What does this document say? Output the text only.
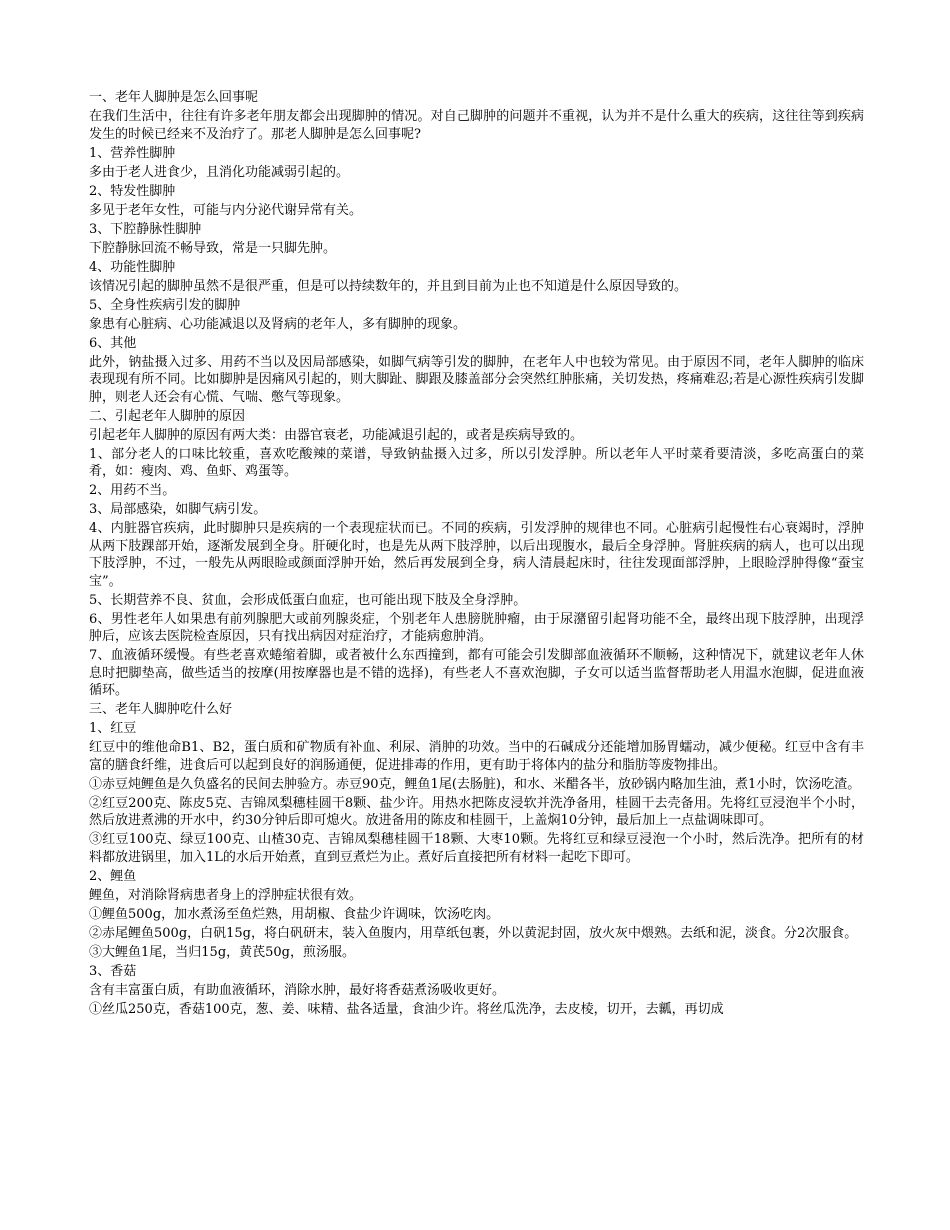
一、老年人脚肿是怎么回事呢

在我们生活中，往往有许多老年朋友都会出现脚肿的情况。对自己脚肿的问题并不重视，认为并不是什么重大的疾病，这往往等到疾病发生的时候已经来不及治疗了。那老人脚肿是怎么回事呢?

1、营养性脚肿

多由于老人进食少，且消化功能减弱引起的。

2、特发性脚肿

多见于老年女性，可能与内分泌代谢异常有关。

3、下腔静脉性脚肿

下腔静脉回流不畅导致，常是一只脚先肿。

4、功能性脚肿

该情况引起的脚肿虽然不是很严重，但是可以持续数年的，并且到目前为止也不知道是什么原因导致的。

5、全身性疾病引发的脚肿

象患有心脏病、心功能减退以及肾病的老年人，多有脚肿的现象。

6、其他

此外，钠盐摄入过多、用药不当以及因局部感染，如脚气病等引发的脚肿，在老年人中也较为常见。由于原因不同，老年人脚肿的临床表现现有所不同。比如脚肿是因痛风引起的，则大脚趾、脚跟及膝盖部分会突然红肿胀痛，关切发热，疼痛难忍;若是心源性疾病引发脚肿，则老人还会有心慌、气喘、憋气等现象。

二、引起老年人脚肿的原因

引起老年人脚肿的原因有两大类：由器官衰老，功能减退引起的，或者是疾病导致的。

1、部分老人的口味比较重，喜欢吃酸辣的菜谱，导致钠盐摄入过多，所以引发浮肿。所以老年人平时菜肴要清淡，多吃高蛋白的菜肴，如：瘦肉、鸡、鱼虾、鸡蛋等。

2、用药不当。

3、局部感染，如脚气病引发。

4、内脏器官疾病，此时脚肿只是疾病的一个表现症状而已。不同的疾病，引发浮肿的规律也不同。心脏病引起慢性右心衰竭时，浮肿从两下肢踝部开始，逐渐发展到全身。肝硬化时，也是先从两下肢浮肿，以后出现腹水，最后全身浮肿。肾脏疾病的病人，也可以出现下肢浮肿，不过，一般先从两眼睑或颜面浮肿开始，然后再发展到全身，病人清晨起床时，往往发现面部浮肿，上眼睑浮肿得像“蚕宝宝”。

5、长期营养不良、贫血，会形成低蛋白血症，也可能出现下肢及全身浮肿。

6、男性老年人如果患有前列腺肥大或前列腺炎症，个别老年人患膀胱肿瘤，由于尿潴留引起肾功能不全，最终出现下肢浮肿，出现浮肿后，应该去医院检查原因，只有找出病因对症治疗，才能病愈肿消。

7、血液循环缓慢。有些老喜欢蜷缩着脚，或者被什么东西撞到，都有可能会引发脚部血液循环不顺畅，这种情况下，就建议老年人休息时把脚垫高，做些适当的按摩(用按摩器也是不错的选择)，有些老人不喜欢泡脚，子女可以适当监督帮助老人用温水泡脚，促进血液循环。

三、老年人脚肿吃什么好

1、红豆

红豆中的维他命B1、B2，蛋白质和矿物质有补血、利尿、消肿的功效。当中的石碱成分还能增加肠胃蠕动，减少便秘。红豆中含有丰富的膳食纤维，进食后可以起到良好的润肠通便，促进排毒的作用，更有助于将体内的盐分和脂肪等废物排出。

①赤豆炖鲤鱼是久负盛名的民间去肿验方。赤豆90克，鲤鱼1尾(去肠脏)，和水、米醋各半，放砂锅内略加生油，煮1小时，饮汤吃渣。

②红豆200克、陈皮5克、吉锦凤梨穗桂圆干8颗、盐少许。用热水把陈皮浸软并洗净备用，桂圆干去壳备用。先将红豆浸泡半个小时，然后放进煮沸的开水中，约30分钟后即可熄火。放进备用的陈皮和桂圆干，上盖焖10分钟，最后加上一点盐调味即可。

③红豆100克、绿豆100克、山楂30克、吉锦凤梨穗桂圆干18颗、大枣10颗。先将红豆和绿豆浸泡一个小时，然后洗净。把所有的材料都放进锅里，加入1L的水后开始煮，直到豆煮烂为止。煮好后直接把所有材料一起吃下即可。

2、鲤鱼

鲤鱼，对消除肾病患者身上的浮肿症状很有效。

①鲤鱼500g，加水煮汤至鱼烂熟，用胡椒、食盐少许调味，饮汤吃肉。

②赤尾鲤鱼500g，白矾15g，将白矾研末，装入鱼腹内，用草纸包裹，外以黄泥封固，放火灰中煨熟。去纸和泥，淡食。分2次服食。

③大鲤鱼1尾，当归15g，黄芪50g，煎汤服。

3、香菇

含有丰富蛋白质，有助血液循环，消除水肿，最好将香菇煮汤吸收更好。

①丝瓜250克，香菇100克，葱、姜、味精、盐各适量，食油少许。将丝瓜洗净，去皮棱，切开，去瓤，再切成
